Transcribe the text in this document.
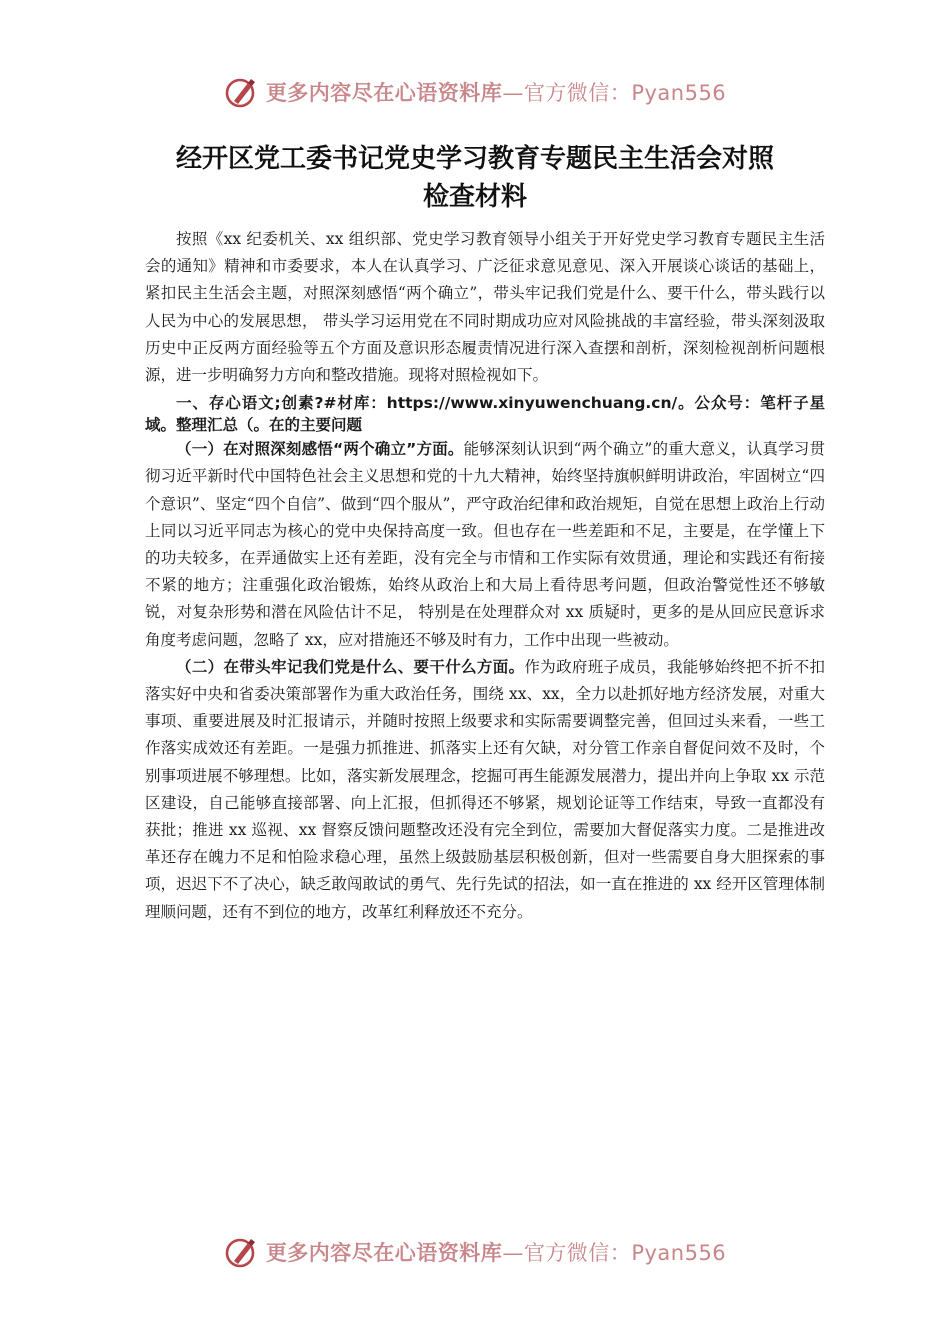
更多内容尽在心语资料库—官方微信：Pyan556
经开区党工委书记党史学习教育专题民主生活会对照
检查材料

按照《xx 纪委机关、xx 组织部、党史学习教育领导小组关于开好党史学习教育专题民主生活会的通知》精神和市委要求，本人在认真学习、广泛征求意见意见、深入开展谈心谈话的基础上，紧扣民主生活会主题，对照深刻感悟“两个确立”，带头牢记我们党是什么、要干什么，带头践行以人民为中心的发展思想， 带头学习运用党在不同时期成功应对风险挑战的丰富经验，带头深刻汲取历史中正反两方面经验等五个方面及意识形态履责情况进行深入查摆和剖析，深刻检视剖析问题根源，进一步明确努力方向和整改措施。现将对照检视如下。

一、存心语文;创素?#材库：https://www.xinyuwenchuang.cn/。公众号：笔杆子星域。整理汇总（。在的主要问题

（一）在对照深刻感悟“两个确立”方面。能够深刻认识到“两个确立”的重大意义，认真学习贯彻习近平新时代中国特色社会主义思想和党的十九大精神，始终坚持旗帜鲜明讲政治，牢固树立“四个意识”、坚定“四个自信”、做到“四个服从”，严守政治纪律和政治规矩，自觉在思想上政治上行动上同以习近平同志为核心的党中央保持高度一致。但也存在一些差距和不足，主要是，在学懂上下的功夫较多，在弄通做实上还有差距，没有完全与市情和工作实际有效贯通，理论和实践还有衔接不紧的地方；注重强化政治锻炼，始终从政治上和大局上看待思考问题，但政治警觉性还不够敏锐，对复杂形势和潜在风险估计不足， 特别是在处理群众对 xx 质疑时，更多的是从回应民意诉求角度考虑问题，忽略了 xx，应对措施还不够及时有力，工作中出现一些被动。

（二）在带头牢记我们党是什么、要干什么方面。作为政府班子成员，我能够始终把不折不扣落实好中央和省委决策部署作为重大政治任务，围绕 xx、xx，全力以赴抓好地方经济发展，对重大事项、重要进展及时汇报请示，并随时按照上级要求和实际需要调整完善，但回过头来看，一些工作落实成效还有差距。一是强力抓推进、抓落实上还有欠缺，对分管工作亲自督促问效不及时，个别事项进展不够理想。比如，落实新发展理念，挖掘可再生能源发展潜力，提出并向上争取 xx 示范区建设，自己能够直接部署、向上汇报，但抓得还不够紧，规划论证等工作结束，导致一直都没有获批；推进 xx 巡视、xx 督察反馈问题整改还没有完全到位，需要加大督促落实力度。二是推进改革还存在魄力不足和怕险求稳心理，虽然上级鼓励基层积极创新，但对一些需要自身大胆探索的事项，迟迟下不了决心，缺乏敢闯敢试的勇气、先行先试的招法，如一直在推进的 xx 经开区管理体制理顺问题，还有不到位的地方，改革红利释放还不充分。

更多内容尽在心语资料库—官方微信：Pyan556
